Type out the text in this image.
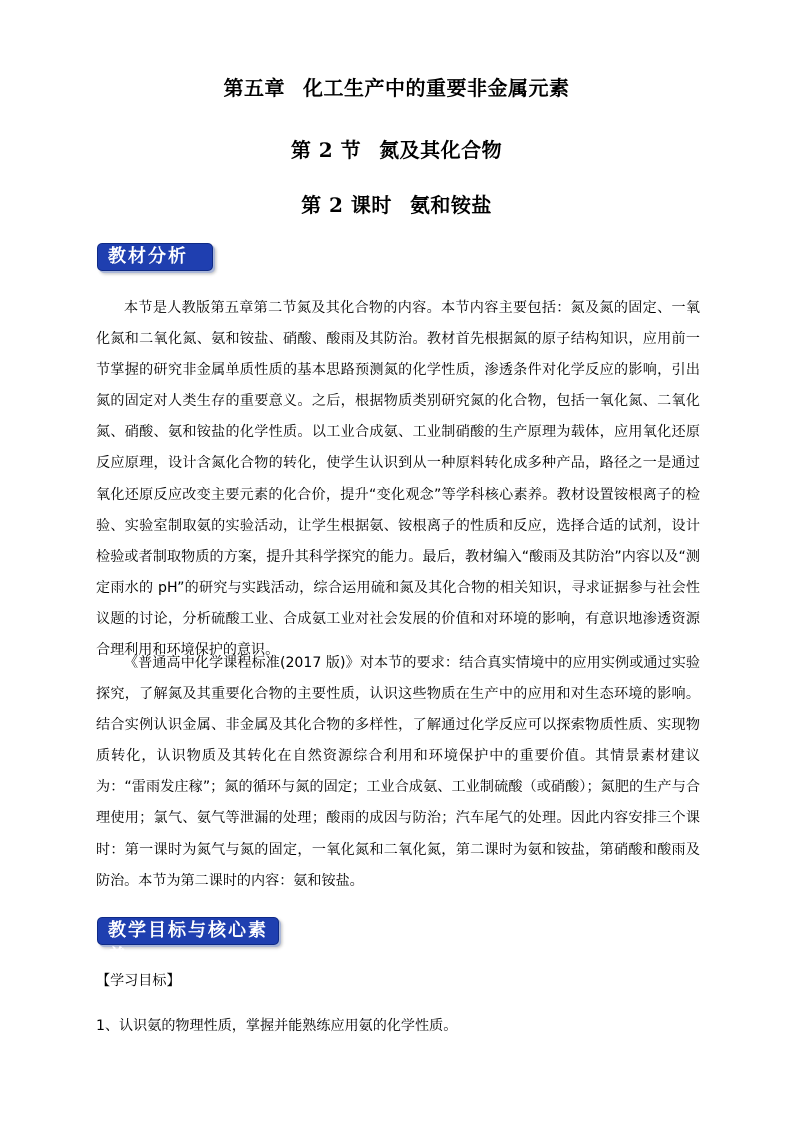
第五章 化工生产中的重要非金属元素
第 2 节 氮及其化合物
第 2 课时 氨和铵盐
教材分析
本节是人教版第五章第二节氮及其化合物的内容。本节内容主要包括：氮及氮的固定、一氧化氮和二氧化氮、氨和铵盐、硝酸、酸雨及其防治。教材首先根据氮的原子结构知识，应用前一节掌握的研究非金属单质性质的基本思路预测氮的化学性质，渗透条件对化学反应的影响，引出氮的固定对人类生存的重要意义。之后，根据物质类别研究氮的化合物，包括一氧化氮、二氧化氮、硝酸、氨和铵盐的化学性质。以工业合成氨、工业制硝酸的生产原理为载体，应用氧化还原反应原理，设计含氮化合物的转化，使学生认识到从一种原料转化成多种产品，路径之一是通过氧化还原反应改变主要元素的化合价，提升“变化观念”等学科核心素养。教材设置铵根离子的检验、实验室制取氨的实验活动，让学生根据氨、铵根离子的性质和反应，选择合适的试剂，设计检验或者制取物质的方案，提升其科学探究的能力。最后，教材编入“酸雨及其防治”内容以及“测定雨水的 pH”的研究与实践活动，综合运用硫和氮及其化合物的相关知识，寻求证据参与社会性议题的讨论，分析硫酸工业、合成氨工业对社会发展的价值和对环境的影响，有意识地渗透资源合理利用和环境保护的意识。
《普通高中化学课程标准(2017 版)》对本节的要求：结合真实情境中的应用实例或通过实验探究，了解氮及其重要化合物的主要性质，认识这些物质在生产中的应用和对生态环境的影响。结合实例认识金属、非金属及其化合物的多样性，了解通过化学反应可以探索物质性质、实现物质转化，认识物质及其转化在自然资源综合利用和环境保护中的重要价值。其情景素材建议为：“雷雨发庄稼”；氮的循环与氮的固定；工业合成氨、工业制硫酸（或硝酸）；氮肥的生产与合理使用；氯气、氨气等泄漏的处理；酸雨的成因与防治；汽车尾气的处理。因此内容安排三个课时：第一课时为氮气与氮的固定，一氧化氮和二氧化氮，第二课时为氨和铵盐，第硝酸和酸雨及防治。本节为第二课时的内容：氨和铵盐。
教学目标与核心素养
【学习目标】
1、认识氨的物理性质，掌握并能熟练应用氨的化学性质。
